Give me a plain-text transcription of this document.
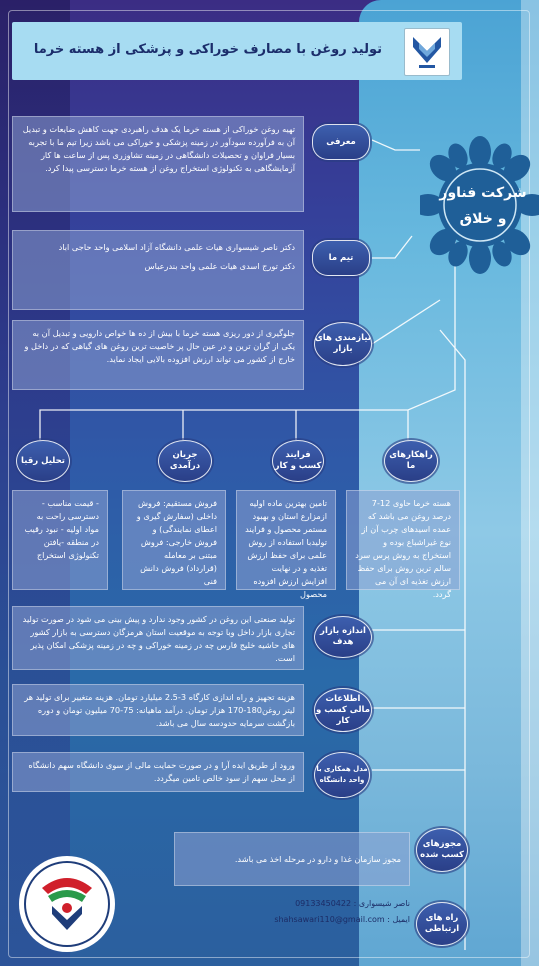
تولید روغن با مصارف خوراکی و پزشکی از هسته خرما
شرکت فناور
و خلاق

تهیه روغن خوراکی از هسته خرما یک هدف راهبردی جهت کاهش ضایعات و تبدیل آن به فرآورده سودآور در زمینه پزشکی و خوراکی می باشد زیرا تیم ما با تجربه بسیار فراوان و تحصیلات دانشگاهی در زمینه تشاوزری پس از ساعت ها کار آزمایشگاهی به تکنولوژی استخراج روغن از هسته خرما دسترسی پیدا کرد.

معرفی

دکتر ناصر شیسواری هیات علمی دانشگاه آزاد اسلامی واحد حاجی اباد

دکتر تورج اسدی هیات علمی واحد بندرعباس

تیم ما

جلوگیری از دور ریزی هسته خرما با بیش از ده ها خواص دارویی و تبدیل آن به یکی از گران ترین و در عین حال پر خاصیت ترین روغن های گیاهی که در داخل و خارج از کشور می تواند ارزش افزوده بالایی ایجاد نماید.

نیازمندی های بازار
تحلیل رقبا
جریان درآمدی
فرایند کسب و کار
راهکارهای ما

- قیمت مناسب - دسترسی راحت به مواد اولیه - نبود رقیب در منطقه -یافتن تکنولوژی استخراج

فروش مستقیم: فروش داخلی (سفارش گیری و اعطای نمایندگی) و فروش خارجی: فروش مبتنی بر معامله (قرارداد) فروش دانش فنی

تامین بهترین ماده اولیه ازمزارع استان و بهبود مستمر محصول و فرایند تولیدبا استفاده از روش علمی برای حفظ ارزش تغذیه و در نهایت افزایش ارزش افزوده محصول

هسته خرما حاوی 12-7 درصد روغن می باشد که عمده اسیدهای چرب آن از نوع غیراشباع بوده و استخراج به روش پرس سرد سالم ترین روش برای حفظ ارزش تغذیه ای آن می گردد.

تولید صنعتی این روغن در کشور وجود ندارد و پیش بینی می شود در صورت تولید تجاری بازار داخل وبا توجه به موقعیت استان هرمزگان دسترسی به بازار کشور های حاشیه خلیج فارس چه در زمینه خوراکی و چه در زمینه پزشکی امکان پذیر است.

اندازه بازار هدف

هزینه تجهیز و راه اندازی کارگاه 3-2.5 میلیارد تومان. هزینه متغییر برای تولید هر لیتر روغن180-170 هزار تومان. درآمد ماهیانه: 75-70 میلیون تومان و دوره بازگشت سرمایه حدودسه سال می باشد.

اطلاعات مالی کسب و کار

ورود از طریق ایده آرا و در صورت حمایت مالی از سوی دانشگاه سهم دانشگاه از محل سهم از سود خالص تامین میگردد.

مدل همکاری با واحد دانشگاه

مجوز سازمان غذا و دارو در مرحله اخذ می باشد.

مجوزهای کسب شده
ناصر شیسواری : 09133450422
ایمیل : shahsawari110@gmail.com	راه های ارتباطی
